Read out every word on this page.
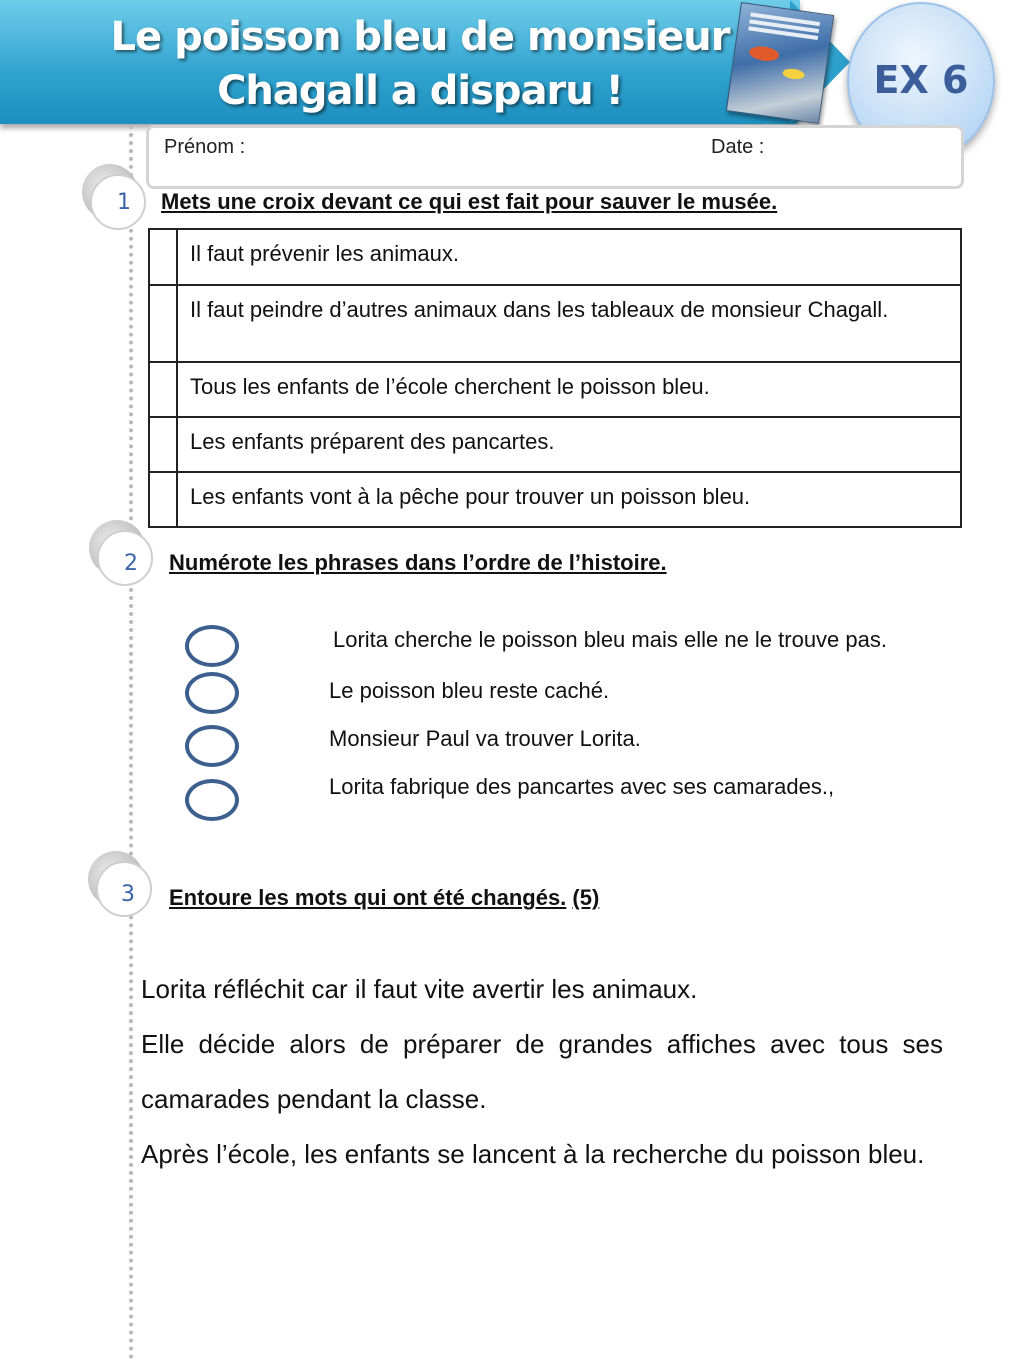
Le poisson bleu de monsieur
Chagall a disparu !	EX 6
Prénom :	Date :
1	Mets une croix devant ce qui est fait pour sauver le musée.
	Il faut prévenir les animaux.
	Il faut peindre d’autres animaux dans les tableaux de monsieur Chagall.
	Tous les enfants de l’école cherchent le poisson bleu.
	Les enfants préparent des pancartes.
	Les enfants vont à la pêche pour trouver un poisson bleu.
2	Numérote les phrases dans l’ordre de l’histoire.
Lorita cherche le poisson bleu mais elle ne le trouve pas.
Le poisson bleu reste caché.
Monsieur Paul va trouver Lorita.
Lorita fabrique des pancartes avec ses camarades.,
3	Entoure les mots qui ont été changés. (5)

Lorita réfléchit car il faut vite avertir les animaux.

Elle décide alors de préparer de grandes affiches avec tous ses camarades pendant la classe.

Après l’école, les enfants se lancent à la recherche du poisson bleu.
